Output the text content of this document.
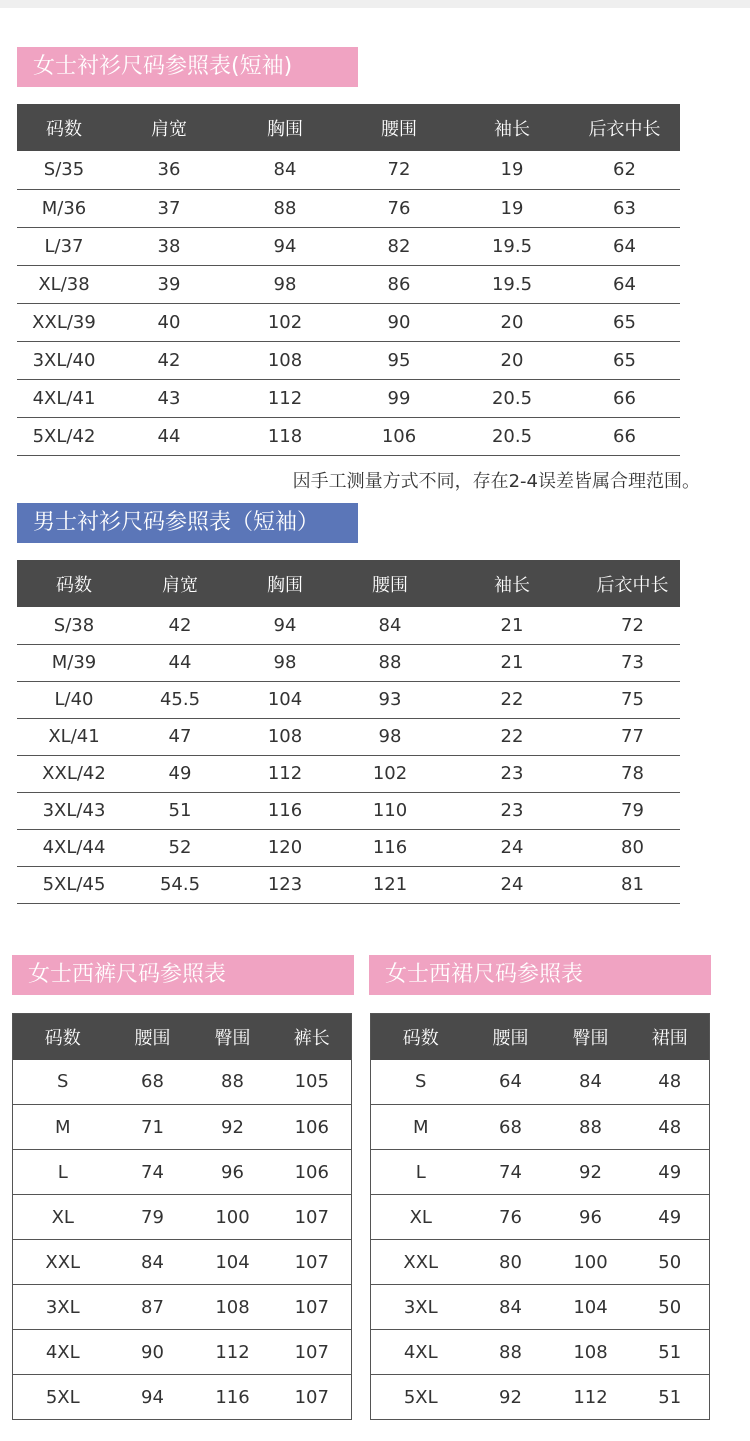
女士衬衫尺码参照表(短袖)
码数	肩宽	胸围	腰围	袖长	后衣中长
S/35	36	84	72	19	62
M/36	37	88	76	19	63
L/37	38	94	82	19.5	64
XL/38	39	98	86	19.5	64
XXL/39	40	102	90	20	65
3XL/40	42	108	95	20	65
4XL/41	43	112	99	20.5	66
5XL/42	44	118	106	20.5	66
因手工测量方式不同，存在2-4误差皆属合理范围。
男士衬衫尺码参照表（短袖）
码数	肩宽	胸围	腰围	袖长	后衣中长
S/38	42	94	84	21	72
M/39	44	98	88	21	73
L/40	45.5	104	93	22	75
XL/41	47	108	98	22	77
XXL/42	49	112	102	23	78
3XL/43	51	116	110	23	79
4XL/44	52	120	116	24	80
5XL/45	54.5	123	121	24	81
女士西裤尺码参照表
码数	腰围	臀围	裤长
S	68	88	105
M	71	92	106
L	74	96	106
XL	79	100	107
XXL	84	104	107
3XL	87	108	107
4XL	90	112	107
5XL	94	116	107
女士西裙尺码参照表
码数	腰围	臀围	裙围
S	64	84	48
M	68	88	48
L	74	92	49
XL	76	96	49
XXL	80	100	50
3XL	84	104	50
4XL	88	108	51
5XL	92	112	51
